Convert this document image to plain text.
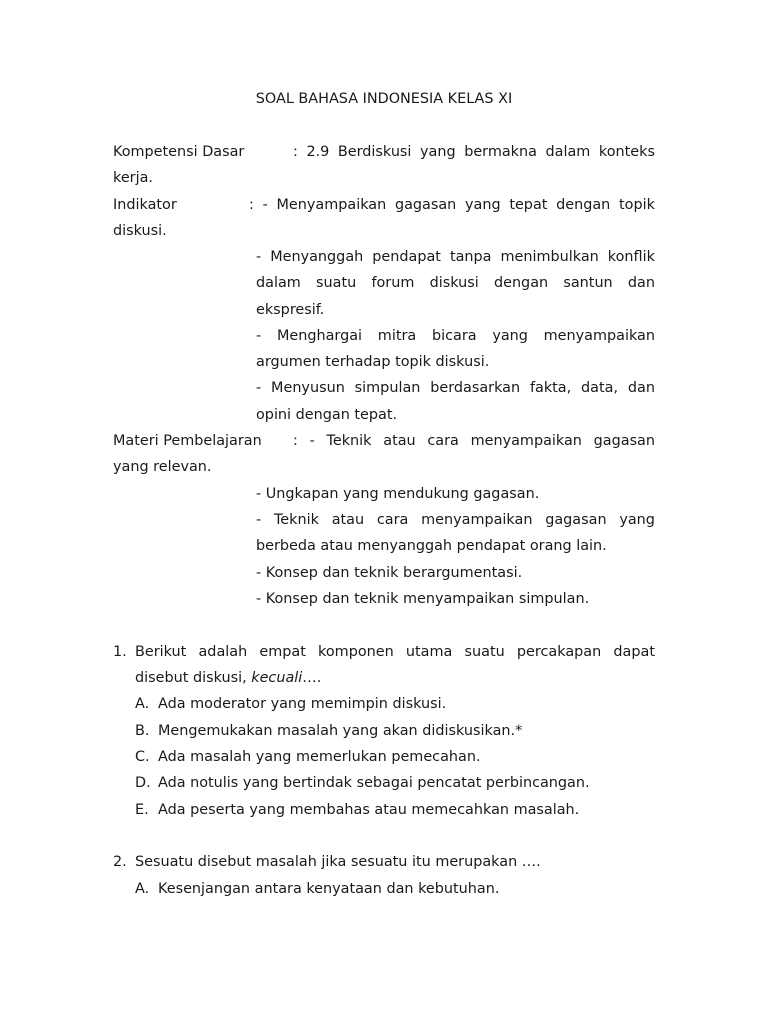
SOAL BAHASA INDONESIA KELAS XI
Kompetensi Dasar	: 2.9 Berdiskusi yang bermakna dalam konteks
kerja.
Indikator	: - Menyampaikan gagasan yang tepat dengan topik
diskusi.
- Menyanggah pendapat tanpa menimbulkan konflik
dalam suatu forum diskusi dengan santun dan
ekspresif.
- Menghargai mitra bicara yang menyampaikan
argumen terhadap topik diskusi.
- Menyusun simpulan berdasarkan fakta, data, dan
opini dengan tepat.
Materi Pembelajaran : - Teknik atau cara menyampaikan gagasan
yang relevan.
- Ungkapan yang mendukung gagasan.
- Teknik atau cara menyampaikan gagasan yang
berbeda atau menyanggah pendapat orang lain.
- Konsep dan teknik berargumentasi.
- Konsep dan teknik menyampaikan simpulan.
1. Berikut adalah empat komponen utama suatu percakapan dapat
disebut diskusi, kecuali….
A. Ada moderator yang memimpin diskusi.
B. Mengemukakan masalah yang akan didiskusikan.*
C. Ada masalah yang memerlukan pemecahan.
D. Ada notulis yang bertindak sebagai pencatat perbincangan.
E. Ada peserta yang membahas atau memecahkan masalah.
2. Sesuatu disebut masalah jika sesuatu itu merupakan ….
A. Kesenjangan antara kenyataan dan kebutuhan.
